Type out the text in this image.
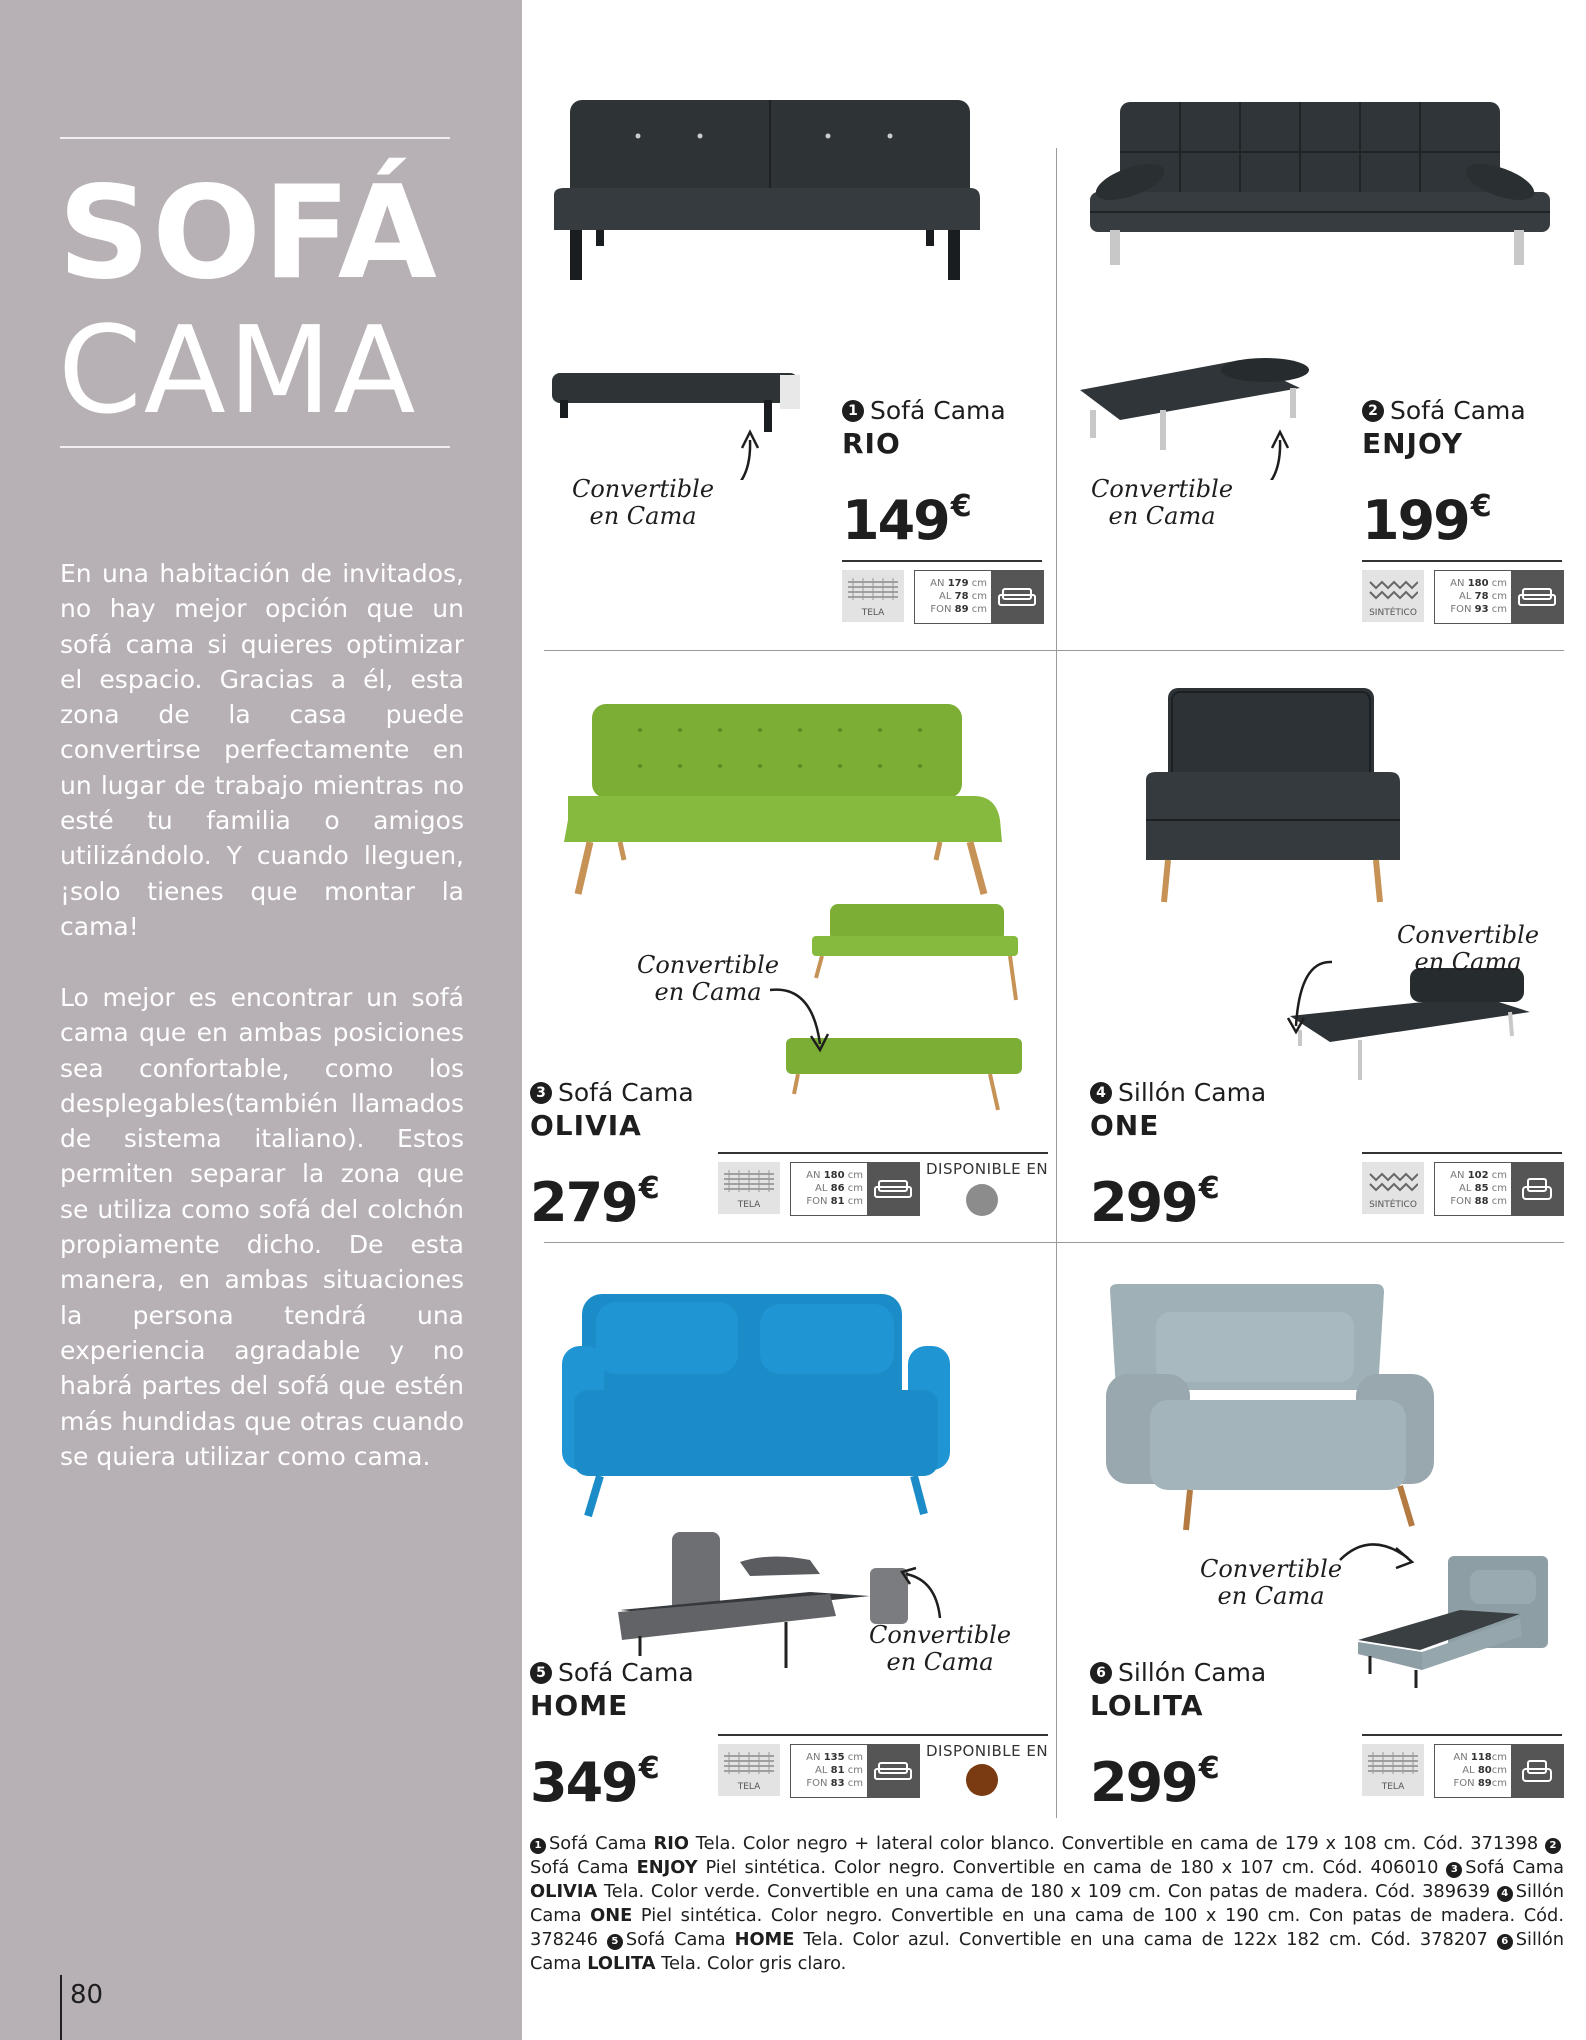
SOFÁ
CAMA

En una habitación de invitados, no hay mejor opción que un sofá cama si quieres optimizar el espacio. Gracias a él, esta zona de la casa puede convertirse perfectamente en un lugar de trabajo mientras no esté tu familia o amigos utilizándolo. Y cuando lleguen, ¡solo tienes que montar la cama!

Lo mejor es encontrar un sofá cama que en ambas posiciones sea confortable, como los desplegables(también llamados de sistema italiano). Estos permiten separar la zona que se utiliza como sofá del colchón propiamente dicho. De esta manera, en ambas situaciones la persona tendrá una experiencia agradable y no habrá partes del sofá que estén más hundidas que otras cuando se quiera utilizar como cama.

80
Convertible
en Cama
Convertible
en Cama
Convertible
en Cama
Convertible
en Cama
Convertible
en Cama
Convertible
en Cama
1 Sofá Cama
RIO
2 Sofá Cama
ENJOY
3 Sofá Cama
OLIVIA
4 Sillón Cama
ONE
5 Sofá Cama
HOME
6 Sillón Cama
LOLITA
149€	199€
279€	299€
349€	299€
TELA
AN 179 cm
AL 78 cm
FON 89 cm	SINTÉTICO
AN 180 cm
AL 78 cm
FON 93 cm
TELA
AN 180 cm
AL 86 cm
FON 81 cm
DISPONIBLE EN
SINTÉTICO
AN 102 cm
AL 85 cm
FON 88 cm
TELA
AN 135 cm
AL 81 cm
FON 83 cm
DISPONIBLE EN
TELA
AN 118cm
AL 80cm
FON 89cm

1 Sofá Cama RIO Tela. Color negro + lateral color blanco. Convertible en cama de 179 x 108 cm. Cód. 371398 2Sofá Cama ENJOY Piel sintética. Color negro. Convertible en cama de 180 x 107 cm. Cód. 406010 3 Sofá Cama OLIVIA Tela. Color verde. Convertible en una cama de 180 x 109 cm. Con patas de madera. Cód. 389639 4 Sillón Cama ONE Piel sintética. Color negro. Convertible en una cama de 100 x 190 cm. Con patas de madera. Cód. 378246 5 Sofá Cama HOME Tela. Color azul. Convertible en una cama de 122x 182 cm. Cód. 378207 6 Sillón Cama LOLITA Tela. Color gris claro.
